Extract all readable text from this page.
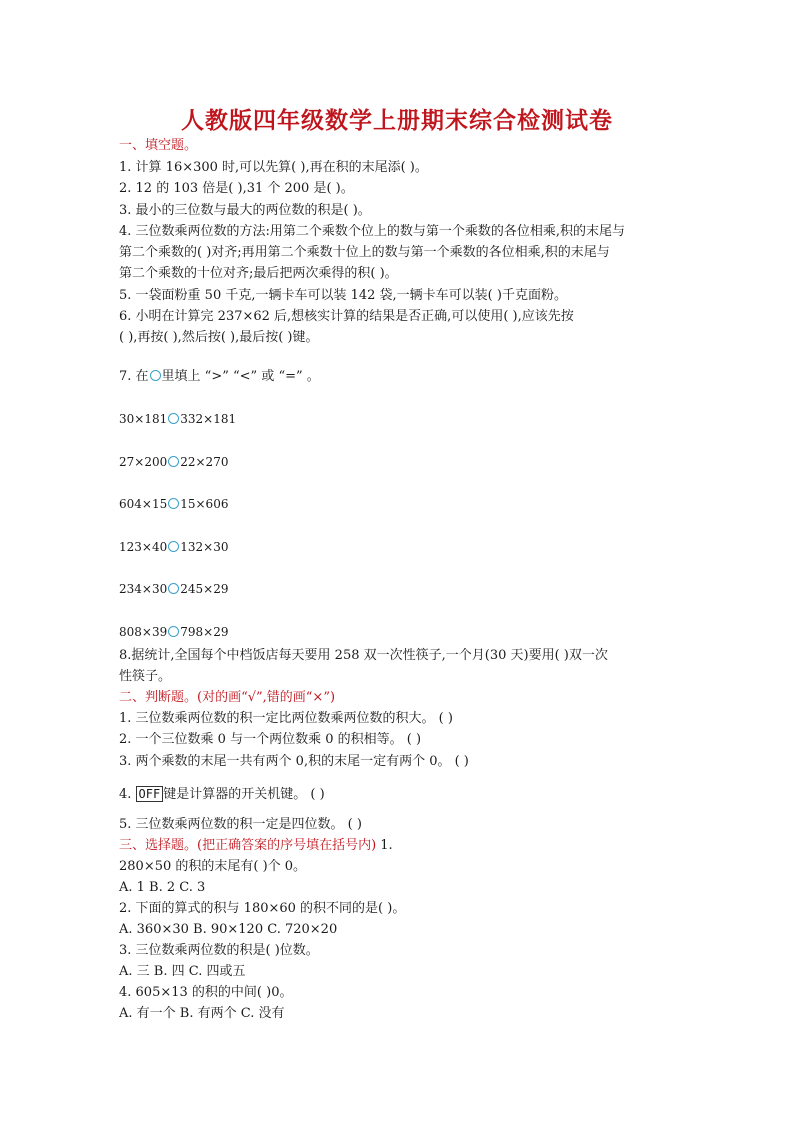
人教版四年级数学上册期末综合检测试卷
一、填空题。
1. 计算 16×300 时,可以先算( ),再在积的末尾添( )。
2. 12 的 103 倍是( ),31 个 200 是( )。
3. 最小的三位数与最大的两位数的积是( )。
4. 三位数乘两位数的方法:用第二个乘数个位上的数与第一个乘数的各位相乘,积的末尾与
第二个乘数的( )对齐;再用第二个乘数十位上的数与第一个乘数的各位相乘,积的末尾与
第二个乘数的十位对齐;最后把两次乘得的积( )。
5. 一袋面粉重 50 千克,一辆卡车可以装 142 袋,一辆卡车可以装( )千克面粉。
6. 小明在计算完 237×62 后,想核实计算的结果是否正确,可以使用( ),应该先按
( ),再按( ),然后按( ),最后按( )键。
7. 在 里填上 “>” “<” 或 “=” 。
30×181 332×181
27×200 22×270
604×15 15×606
123×40 132×30
234×30 245×29
808×39 798×29
8.据统计,全国每个中档饭店每天要用 258 双一次性筷子,一个月(30 天)要用( )双一次
性筷子。
二、判断题。(对的画“√”,错的画“×”)
1. 三位数乘两位数的积一定比两位数乘两位数的积大。 ( )
2. 一个三位数乘 0 与一个两位数乘 0 的积相等。 ( )
3. 两个乘数的末尾一共有两个 0,积的末尾一定有两个 0。 ( )
4. OFF 键是计算器的开关机键。 ( )
5. 三位数乘两位数的积一定是四位数。 ( )
三、选择题。(把正确答案的序号填在括号内) 1.
280×50 的积的末尾有( )个 0。
A. 1 B. 2 C. 3
2. 下面的算式的积与 180×60 的积不同的是( )。
A. 360×30 B. 90×120 C. 720×20
3. 三位数乘两位数的积是( )位数。
A. 三 B. 四 C. 四或五
4. 605×13 的积的中间( )0。
A. 有一个 B. 有两个 C. 没有
